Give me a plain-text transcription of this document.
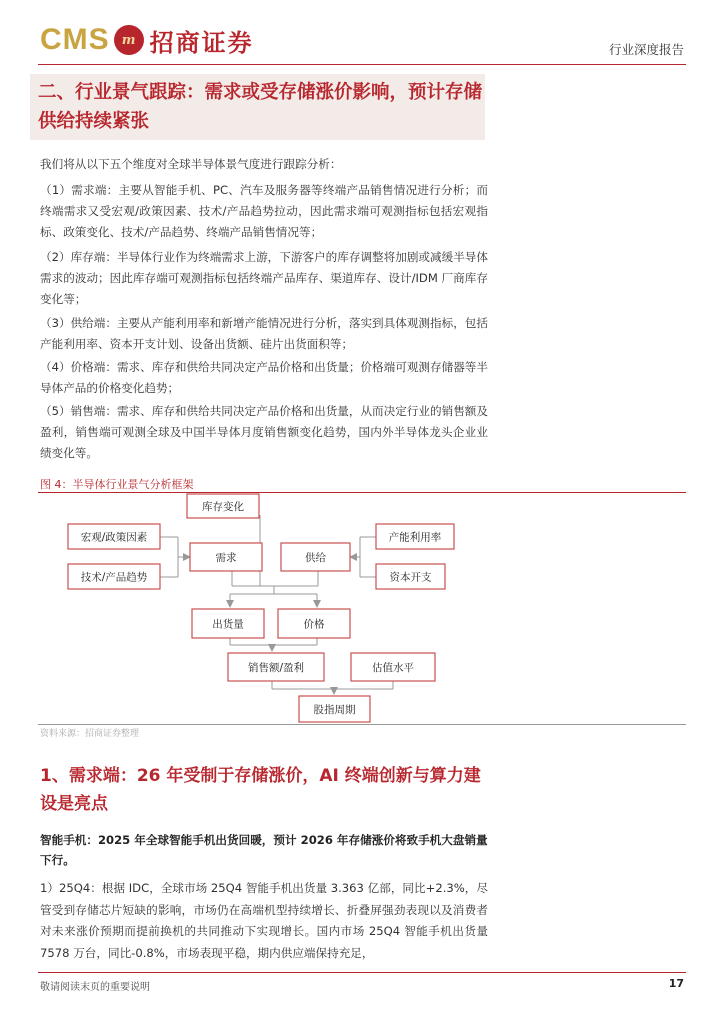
CMS m 招商证券	行业深度报告
二、行业景气跟踪：需求或受存储涨价影响，预计存储供给持续紧张
我们将从以下五个维度对全球半导体景气度进行跟踪分析：
（1）需求端：主要从智能手机、PC、汽车及服务器等终端产品销售情况进行分析；而终端需求又受宏观/政策因素、技术/产品趋势拉动，因此需求端可观测指标包括宏观指标、政策变化、技术/产品趋势、终端产品销售情况等；
（2）库存端：半导体行业作为终端需求上游，下游客户的库存调整将加剧或减缓半导体需求的波动；因此库存端可观测指标包括终端产品库存、渠道库存、设计/IDM 厂商库存变化等；
（3）供给端：主要从产能利用率和新增产能情况进行分析，落实到具体观测指标，包括产能利用率、资本开支计划、设备出货额、硅片出货面积等；
（4）价格端：需求、库存和供给共同决定产品价格和出货量；价格端可观测存储器等半导体产品的价格变化趋势；
（5）销售端：需求、库存和供给共同决定产品价格和出货量，从而决定行业的销售额及盈利，销售端可观测全球及中国半导体月度销售额变化趋势，国内外半导体龙头企业业绩变化等。
图 4：半导体行业景气分析框架
库存变化
宏观/政策因素
技术/产品趋势
需求	供给
产能利用率
资本开支
出货量	价格
销售额/盈利	估值水平
股指周期
资料来源：招商证券整理
1、需求端：26 年受制于存储涨价，AI 终端创新与算力建设是亮点
智能手机：2025 年全球智能手机出货回暖，预计 2026 年存储涨价将致手机大盘销量下行。
1）25Q4：根据 IDC，全球市场 25Q4 智能手机出货量 3.363 亿部，同比+2.3%，尽管受到存储芯片短缺的影响，市场仍在高端机型持续增长、折叠屏强劲表现以及消费者对未来涨价预期而提前换机的共同推动下实现增长。国内市场 25Q4 智能手机出货量 7578 万台，同比-0.8%，市场表现平稳，期内供应端保持充足，
敬请阅读末页的重要说明	17
